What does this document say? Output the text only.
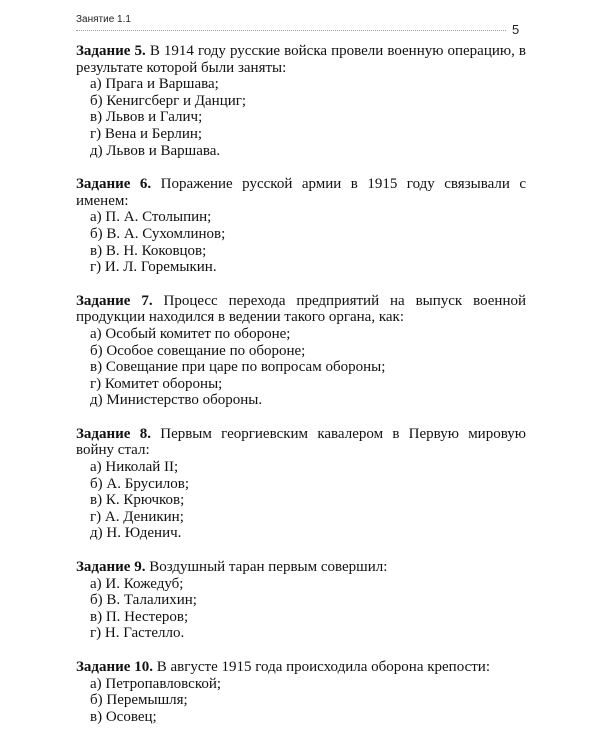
Занятие 1.1
5

Задание 5. В 1914 году русские войска провели военную операцию, в результате которой были заняты:

а) Прага и Варшава;
б) Кенигсберг и Данциг;
в) Львов и Галич;
г) Вена и Берлин;
д) Львов и Варшава.

Задание 6. Поражение русской армии в 1915 году связывали с именем:

а) П. А. Столыпин;
б) В. А. Сухомлинов;
в) В. Н. Коковцов;
г) И. Л. Горемыкин.

Задание 7. Процесс перехода предприятий на выпуск военной продукции находился в ведении такого органа, как:

а) Особый комитет по обороне;
б) Особое совещание по обороне;
в) Совещание при царе по вопросам обороны;
г) Комитет обороны;
д) Министерство обороны.

Задание 8. Первым георгиевским кавалером в Первую мировую войну стал:

а) Николай II;
б) А. Брусилов;
в) К. Крючков;
г) А. Деникин;
д) Н. Юденич.

Задание 9. Воздушный таран первым совершил:

а) И. Кожедуб;
б) В. Талалихин;
в) П. Нестеров;
г) Н. Гастелло.

Задание 10. В августе 1915 года происходила оборона крепости:

а) Петропавловской;
б) Перемышля;
в) Осовец;
